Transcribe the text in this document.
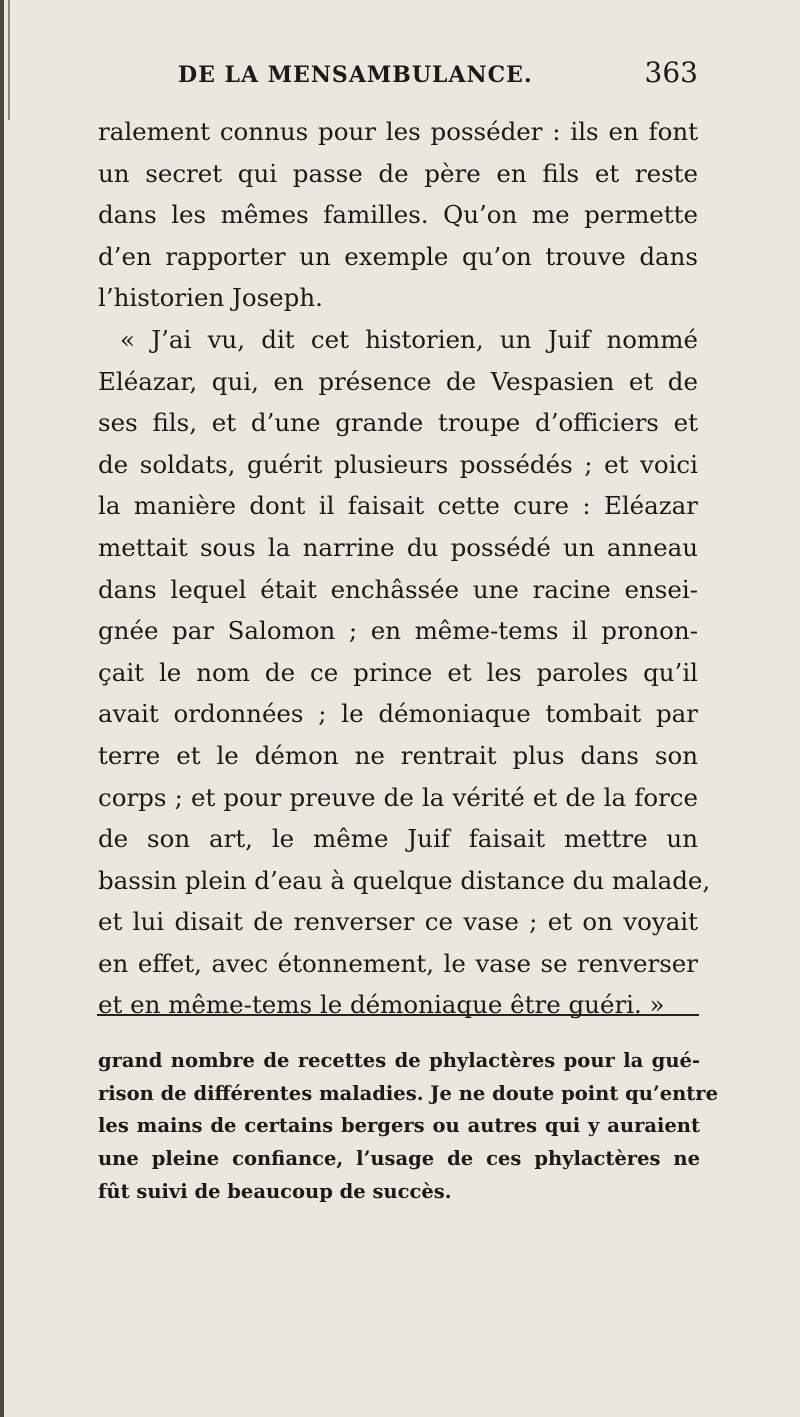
DE LA MENSAMBULANCE.	363
ralement connus pour les posséder : ils en font
un secret qui passe de père en fils et reste
dans les mêmes familles. Qu’on me permette
d’en rapporter un exemple qu’on trouve dans
l’historien Joseph.
« J’ai vu, dit cet historien, un Juif nommé
Eléazar, qui, en présence de Vespasien et de
ses fils, et d’une grande troupe d’officiers et
de soldats, guérit plusieurs possédés ; et voici
la manière dont il faisait cette cure : Eléazar
mettait sous la narrine du possédé un anneau
dans lequel était enchâssée une racine ensei-
gnée par Salomon ; en même-tems il pronon-
çait le nom de ce prince et les paroles qu’il
avait ordonnées ; le démoniaque tombait par
terre et le démon ne rentrait plus dans son
corps ; et pour preuve de la vérité et de la force
de son art, le même Juif faisait mettre un
bassin plein d’eau à quelque distance du malade,
et lui disait de renverser ce vase ; et on voyait
en effet, avec étonnement, le vase se renverser
et en même-tems le démoniaque être guéri. »
grand nombre de recettes de phylactères pour la gué-
rison de différentes maladies. Je ne doute point qu’entre
les mains de certains bergers ou autres qui y auraient
une pleine confiance, l’usage de ces phylactères ne
fût suivi de beaucoup de succès.
